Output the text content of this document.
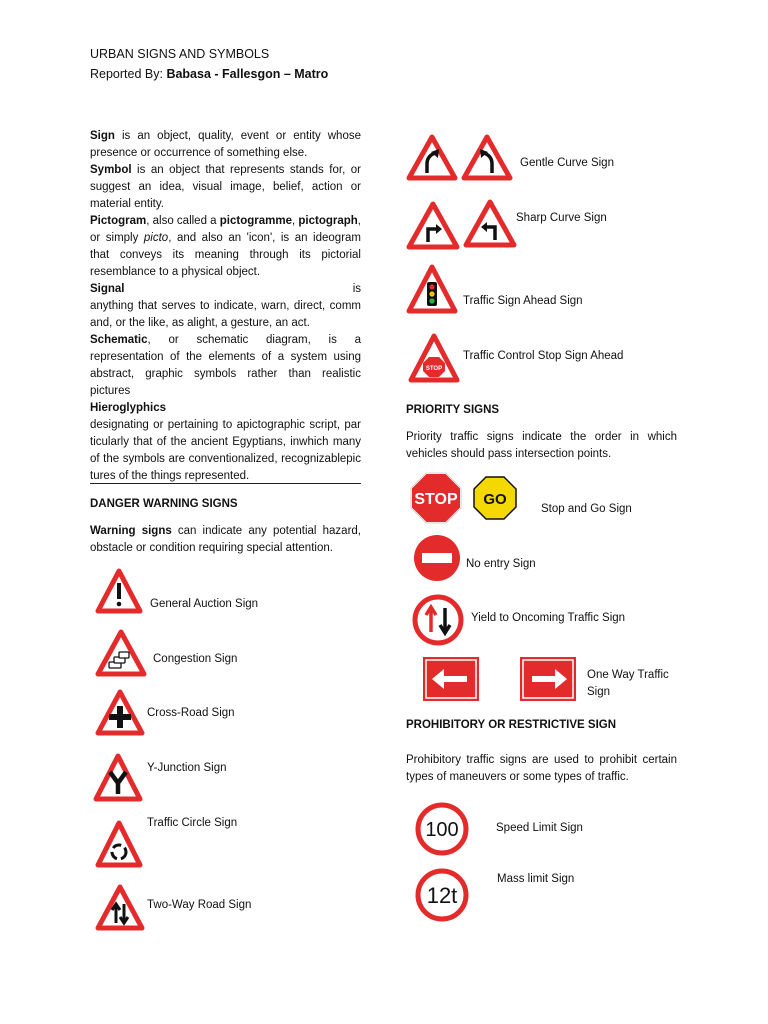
URBAN SIGNS AND SYMBOLS
Reported By: Babasa - Fallesgon – Matro
Sign is an object, quality, event or entity whose presence or occurrence of something else.
Symbol is an object that represents stands for, or suggest an idea, visual image, belief, action or material entity.
Pictogram, also called a pictogramme, pictograph, or simply picto, and also an 'icon', is an ideogram that conveys its meaning through its pictorial resemblance to a physical object.
Signal	is
anything that serves to indicate, warn, direct, comm and, or the like, as alight, a gesture, an act.
Schematic, or schematic diagram, is a representation of the elements of a system using abstract, graphic symbols rather than realistic pictures
Hieroglyphics
designating or pertaining to apictographic script, par ticularly that of the ancient Egyptians, inwhich many of the symbols are conventionalized, recognizablepic tures of the things represented.
DANGER WARNING SIGNS
Warning signs can indicate any potential hazard, obstacle or condition requiring special attention.
General Auction Sign
Congestion Sign
Cross-Road Sign
Y-Junction Sign
Traffic Circle Sign
Two-Way Road Sign
Gentle Curve Sign
Sharp Curve Sign
Traffic Sign Ahead Sign
STOP
Traffic Control Stop Sign Ahead
PRIORITY SIGNS
Priority traffic signs indicate the order in which vehicles should pass intersection points.
STOP GO
Stop and Go Sign
No entry Sign
Yield to Oncoming Traffic Sign
One Way Traffic Sign
PROHIBITORY OR RESTRICTIVE SIGN
Prohibitory traffic signs are used to prohibit certain types of maneuvers or some types of traffic.
100	Speed Limit Sign
12t
Mass limit Sign
